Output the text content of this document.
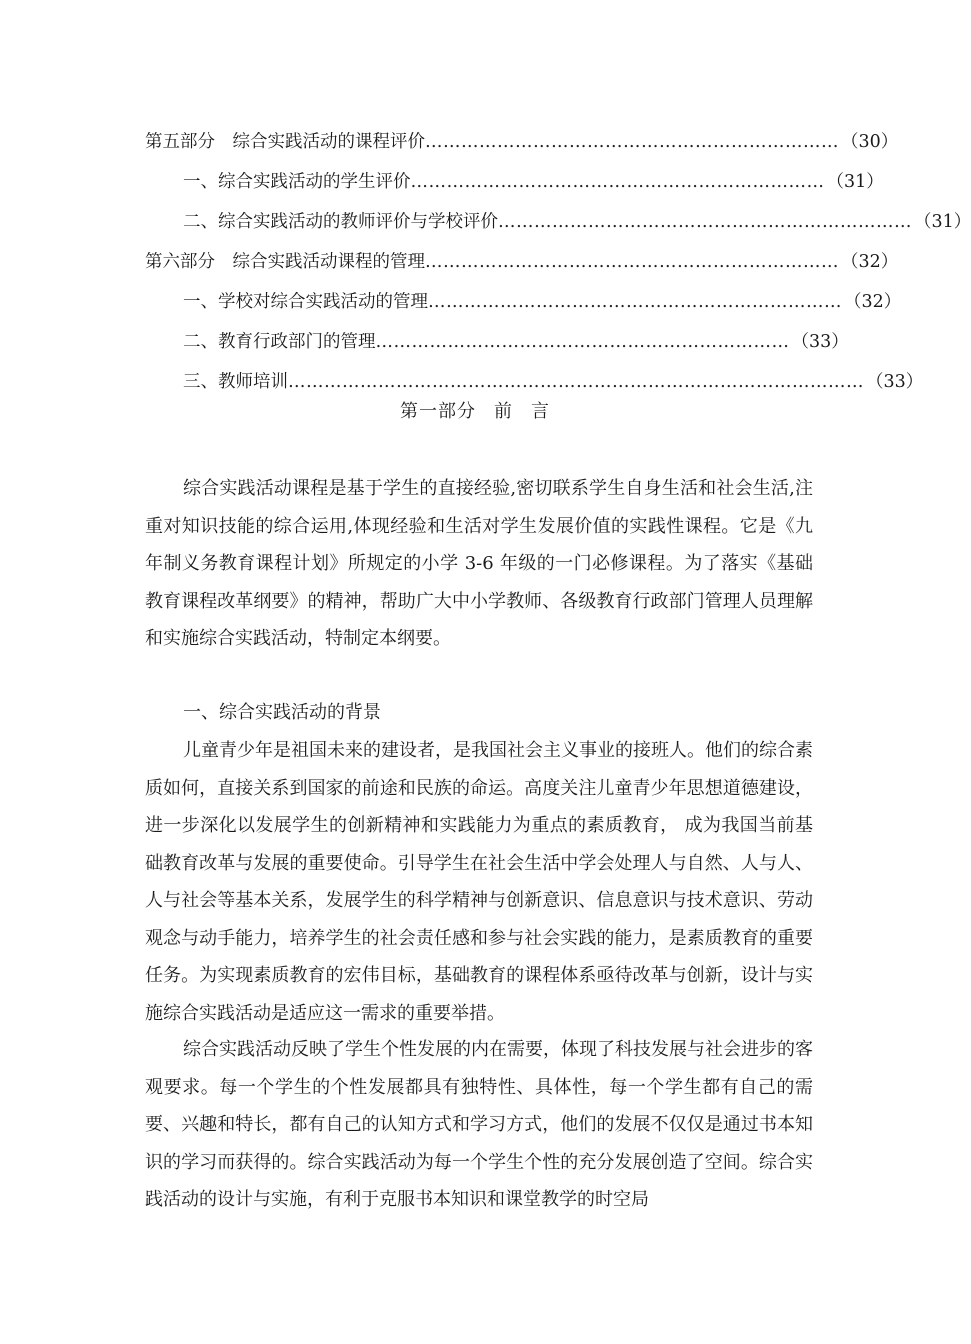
第五部分　综合实践活动的课程评价 …………………………………………………………… （30）
一、综合实践活动的学生评价 …………………………………………………………… （31）
二、综合实践活动的教师评价与学校评价 …………………………………………………………… （31）
第六部分　综合实践活动课程的管理 …………………………………………………………… （32）
一、学校对综合实践活动的管理 …………………………………………………………… （32）
二、教育行政部门的管理 …………………………………………………………… （33）
三、教师培训 …………………………………………………………………………………… （33）
第一部分 前 言

综合实践活动课程是基于学生的直接经验,密切联系学生自身生活和社会生活,注重对知识技能的综合运用,体现经验和生活对学生发展价值的实践性课程。它是《九年制义务教育课程计划》所规定的小学 3-6 年级的一门必修课程。为了落实《基础教育课程改革纲要》的精神，帮助广大中小学教师、各级教育行政部门管理人员理解和实施综合实践活动，特制定本纲要。

一、综合实践活动的背景

儿童青少年是祖国未来的建设者，是我国社会主义事业的接班人。他们的综合素质如何，直接关系到国家的前途和民族的命运。高度关注儿童青少年思想道德建设，进一步深化以发展学生的创新精神和实践能力为重点的素质教育， 成为我国当前基础教育改革与发展的重要使命。引导学生在社会生活中学会处理人与自然、人与人、人与社会等基本关系，发展学生的科学精神与创新意识、信息意识与技术意识、劳动观念与动手能力，培养学生的社会责任感和参与社会实践的能力，是素质教育的重要任务。为实现素质教育的宏伟目标，基础教育的课程体系亟待改革与创新，设计与实施综合实践活动是适应这一需求的重要举措。

综合实践活动反映了学生个性发展的内在需要，体现了科技发展与社会进步的客观要求。每一个学生的个性发展都具有独特性、具体性，每一个学生都有自己的需要、兴趣和特长，都有自己的认知方式和学习方式，他们的发展不仅仅是通过书本知识的学习而获得的。综合实践活动为每一个学生个性的充分发展创造了空间。综合实践活动的设计与实施，有利于克服书本知识和课堂教学的时空局
